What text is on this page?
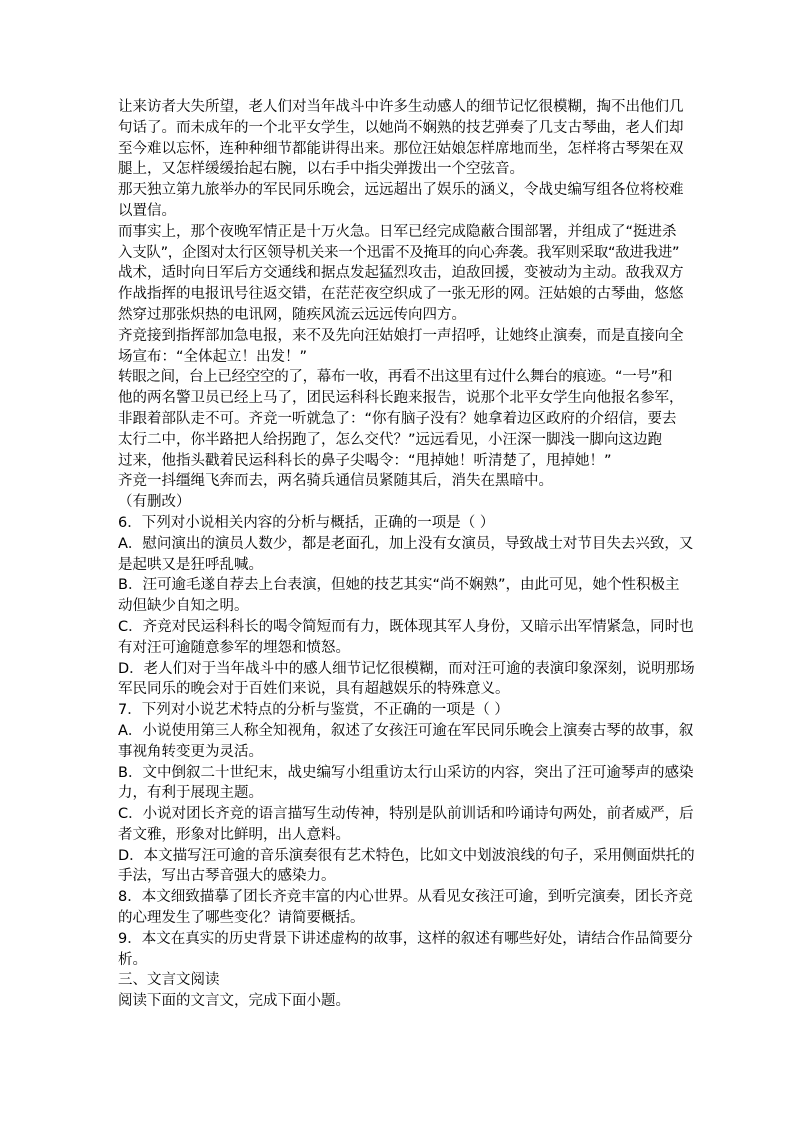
让来访者大失所望，老人们对当年战斗中许多生动感人的细节记忆很模糊，掏不出他们几
句话了。而未成年的一个北平女学生，以她尚不娴熟的技艺弹奏了几支古琴曲，老人们却
至今难以忘怀，连种种细节都能讲得出来。那位汪姑娘怎样席地而坐，怎样将古琴架在双
腿上，又怎样缓缓抬起右腕，以右手中指尖弹拨出一个空弦音。
那天独立第九旅举办的军民同乐晚会，远远超出了娱乐的涵义，令战史编写组各位将校难
以置信。
而事实上，那个夜晚军情正是十万火急。日军已经完成隐蔽合围部署，并组成了“挺进杀
入支队”，企图对太行区领导机关来一个迅雷不及掩耳的向心奔袭。我军则采取“敌进我进”
战术，适时向日军后方交通线和据点发起猛烈攻击，迫敌回援，变被动为主动。敌我双方
作战指挥的电报讯号往返交错，在茫茫夜空织成了一张无形的网。汪姑娘的古琴曲，悠悠
然穿过那张炽热的电讯网，随疾风流云远远传向四方。
齐竞接到指挥部加急电报，来不及先向汪姑娘打一声招呼，让她终止演奏，而是直接向全
场宣布：“全体起立！出发！”
转眼之间，台上已经空空的了，幕布一收，再看不出这里有过什么舞台的痕迹。“一号”和
他的两名警卫员已经上马了，团民运科科长跑来报告，说那个北平女学生向他报名参军，
非跟着部队走不可。齐竞一听就急了：“你有脑子没有？她拿着边区政府的介绍信，要去
太行二中，你半路把人给拐跑了，怎么交代？”远远看见，小汪深一脚浅一脚向这边跑
过来，他指头戳着民运科科长的鼻子尖喝令：“甩掉她！听清楚了，甩掉她！”
齐竞一抖缰绳飞奔而去，两名骑兵通信员紧随其后，消失在黑暗中。
（有删改）
6．下列对小说相关内容的分析与概括，正确的一项是（ ）
A．慰问演出的演员人数少，都是老面孔，加上没有女演员，导致战士对节目失去兴致，又
是起哄又是狂呼乱喊。
B．汪可逾毛遂自荐去上台表演，但她的技艺其实“尚不娴熟”，由此可见，她个性积极主
动但缺少自知之明。
C．齐竞对民运科科长的喝令简短而有力，既体现其军人身份，又暗示出军情紧急，同时也
有对汪可逾随意参军的埋怨和愤怒。
D．老人们对于当年战斗中的感人细节记忆很模糊，而对汪可逾的表演印象深刻，说明那场
军民同乐的晚会对于百姓们来说，具有超越娱乐的特殊意义。
7．下列对小说艺术特点的分析与鉴赏，不正确的一项是（ ）
A．小说使用第三人称全知视角，叙述了女孩汪可逾在军民同乐晚会上演奏古琴的故事，叙
事视角转变更为灵活。
B．文中倒叙二十世纪末，战史编写小组重访太行山采访的内容，突出了汪可逾琴声的感染
力，有利于展现主题。
C．小说对团长齐竞的语言描写生动传神，特别是队前训话和吟诵诗句两处，前者威严，后
者文雅，形象对比鲜明，出人意料。
D．本文描写汪可逾的音乐演奏很有艺术特色，比如文中划波浪线的句子，采用侧面烘托的
手法，写出古琴音强大的感染力。
8．本文细致描摹了团长齐竞丰富的内心世界。从看见女孩汪可逾，到听完演奏，团长齐竞
的心理发生了哪些变化？请简要概括。
9．本文在真实的历史背景下讲述虚构的故事，这样的叙述有哪些好处，请结合作品简要分
析。
三、文言文阅读
阅读下面的文言文，完成下面小题。
